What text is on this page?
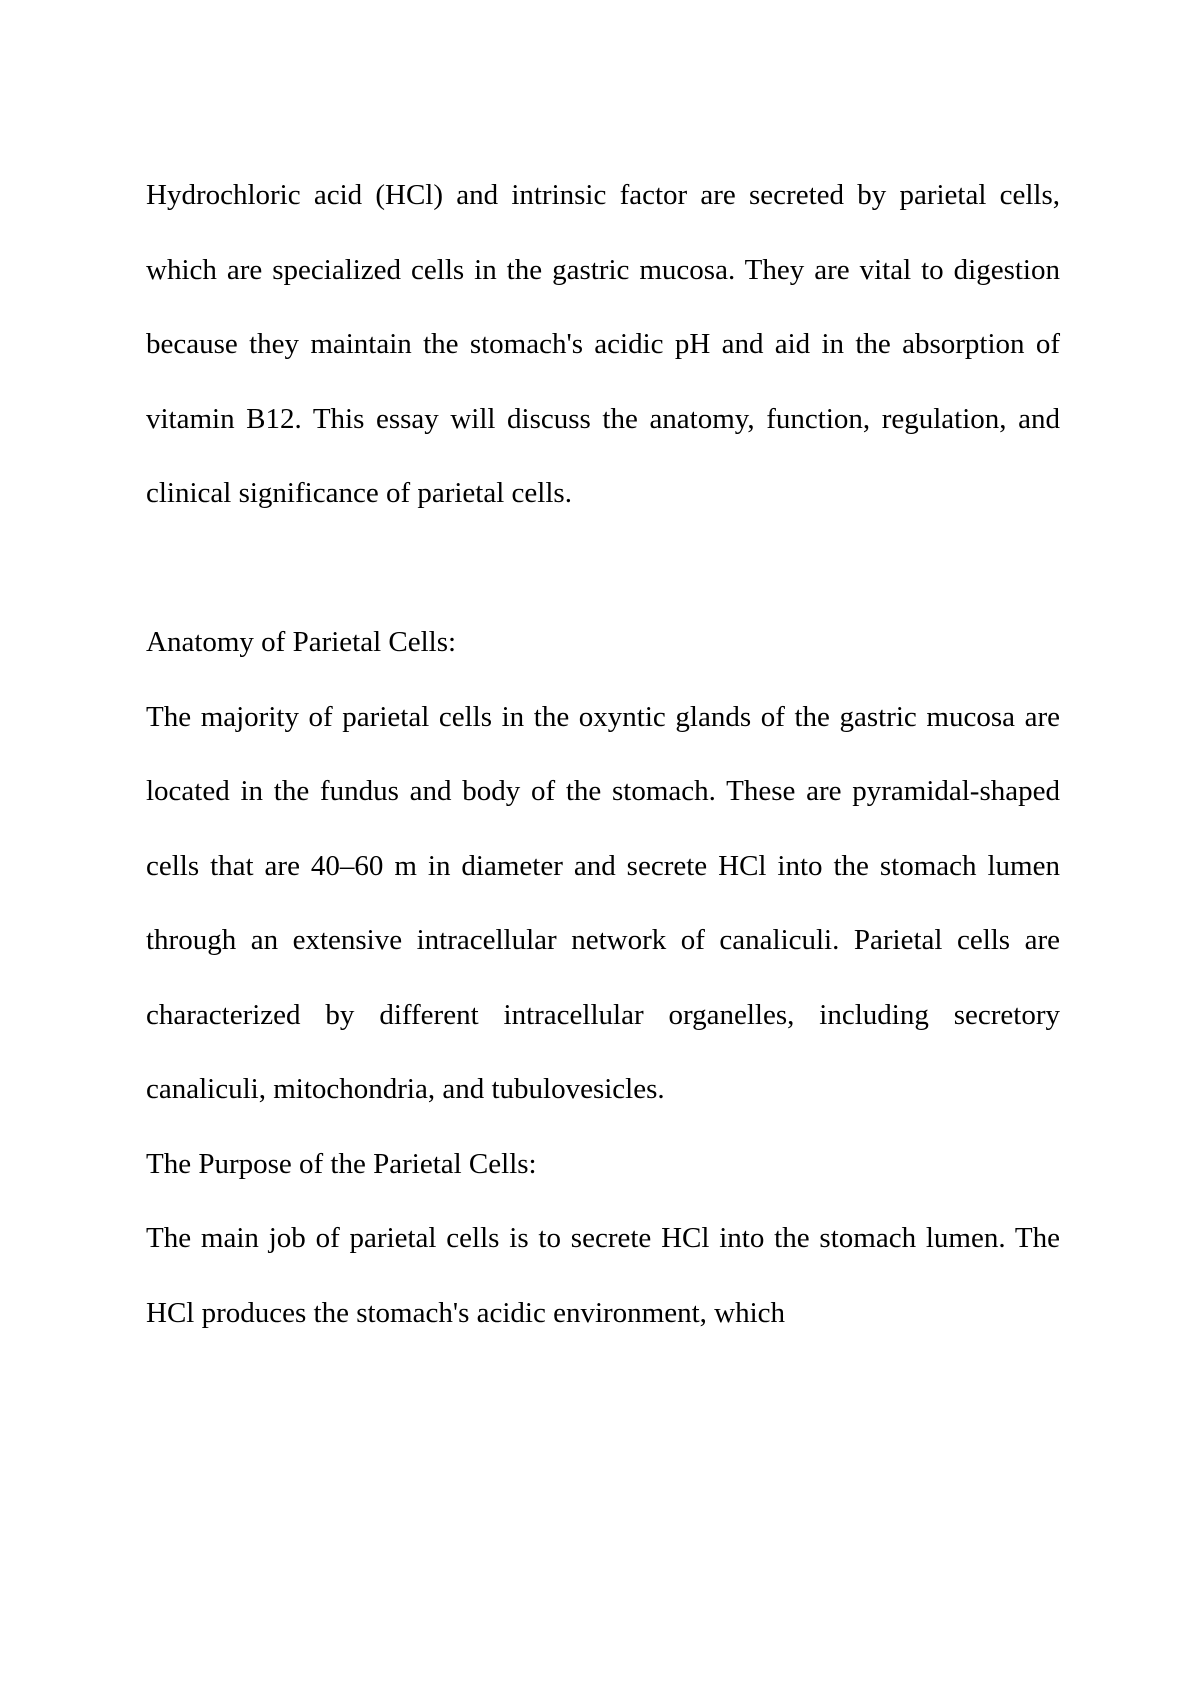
Hydrochloric acid (HCl) and intrinsic factor are secreted by parietal cells, which are specialized cells in the gastric mucosa. They are vital to digestion because they maintain the stomach's acidic pH and aid in the absorption of vitamin B12. This essay will discuss the anatomy, function, regulation, and clinical significance of parietal cells.

Anatomy of Parietal Cells:

The majority of parietal cells in the oxyntic glands of the gastric mucosa are located in the fundus and body of the stomach. These are pyramidal-shaped cells that are 40–60 m in diameter and secrete HCl into the stomach lumen through an extensive intracellular network of canaliculi. Parietal cells are characterized by different intracellular organelles, including secretory canaliculi, mitochondria, and tubulovesicles.

The Purpose of the Parietal Cells:

The main job of parietal cells is to secrete HCl into the stomach lumen. The HCl produces the stomach's acidic environment, which
